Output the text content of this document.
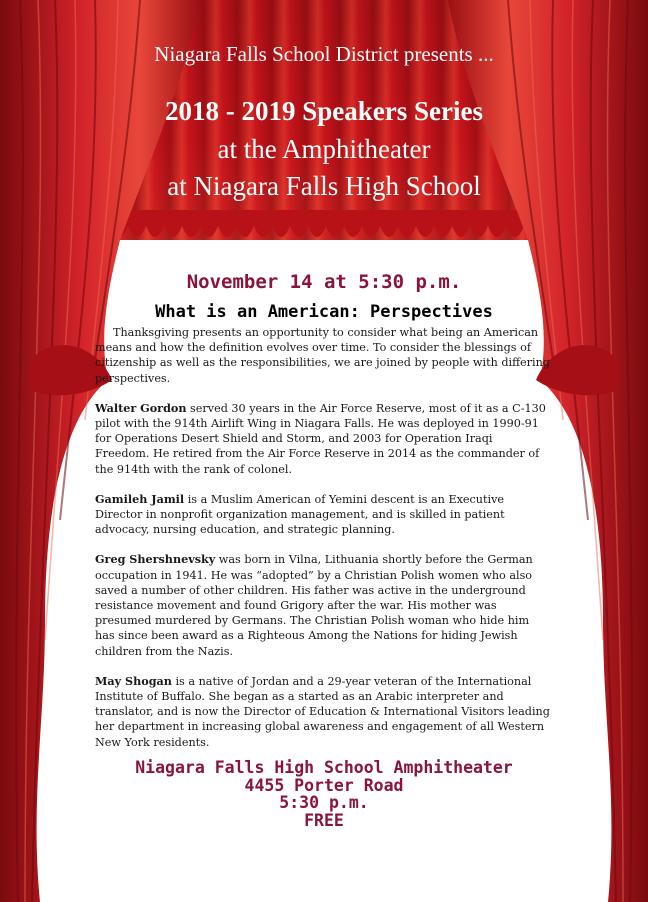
Niagara Falls School District presents ...
2018 - 2019 Speakers Series
at the Amphitheater
at Niagara Falls High School
November 14 at 5:30 p.m.
What is an American: Perspectives

Thanksgiving presents an opportunity to consider what being an American means and how the definition evolves over time. To consider the blessings of citizenship as well as the responsibilities, we are joined by people with differing perspectives.

Walter Gordon served 30 years in the Air Force Reserve, most of it as a C-130 pilot with the 914th Airlift Wing in Niagara Falls. He was deployed in 1990-91 for Operations Desert Shield and Storm, and 2003 for Operation Iraqi Freedom. He retired from the Air Force Reserve in 2014 as the commander of the 914th with the rank of colonel.

Gamileh Jamil is a Muslim American of Yemini descent is an Executive Director in nonprofit organization management, and is skilled in patient advocacy, nursing education, and strategic planning.

Greg Shershnevsky was born in Vilna, Lithuania shortly before the German occupation in 1941. He was “adopted” by a Christian Polish women who also saved a number of other children. His father was active in the underground resistance movement and found Grigory after the war. His mother was presumed murdered by Germans. The Christian Polish woman who hide him has since been award as a Righteous Among the Nations for hiding Jewish children from the Nazis.

May Shogan is a native of Jordan and a 29-year veteran of the International Institute of Buffalo. She began as a started as an Arabic interpreter and translator, and is now the Director of Education & International Visitors leading her department in increasing global awareness and engagement of all Western New York residents.

Niagara Falls High School Amphitheater
4455 Porter Road
5:30 p.m.
FREE
